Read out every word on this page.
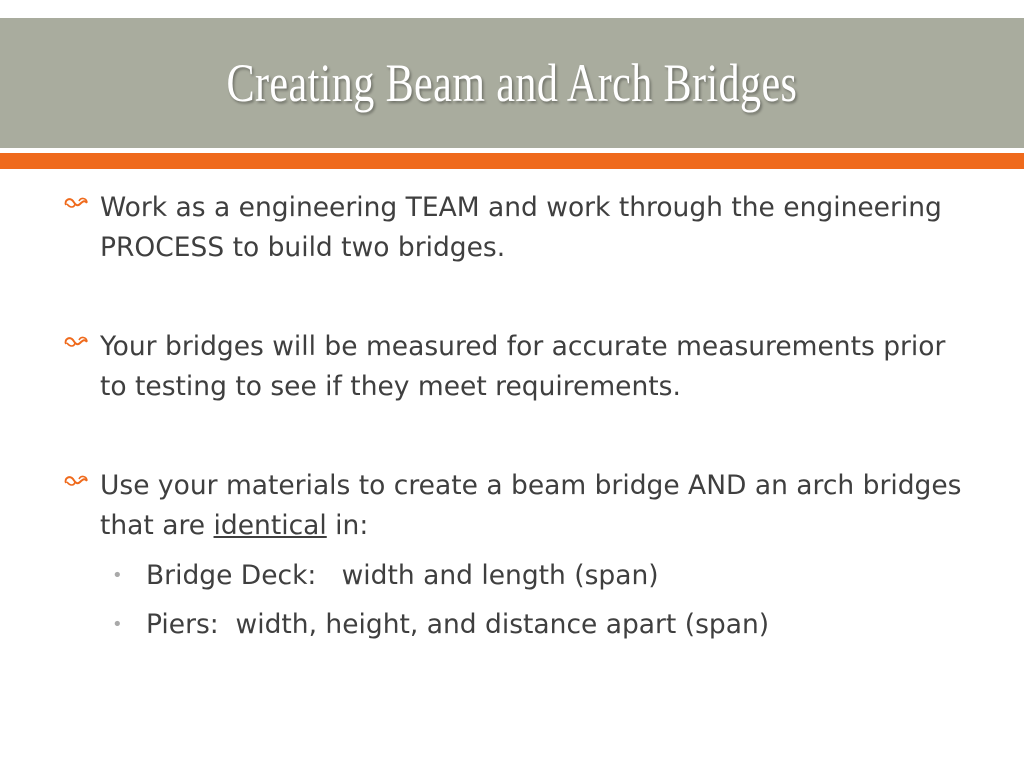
Creating Beam and Arch Bridges
Work as a engineering TEAM and work through the engineering PROCESS to build two bridges.
Your bridges will be measured for accurate measurements prior to testing to see if they meet requirements.
Use your materials to create a beam bridge AND an arch bridges that are identical in:
• Bridge Deck:   width and length (span)
• Piers:  width, height, and distance apart (span)
